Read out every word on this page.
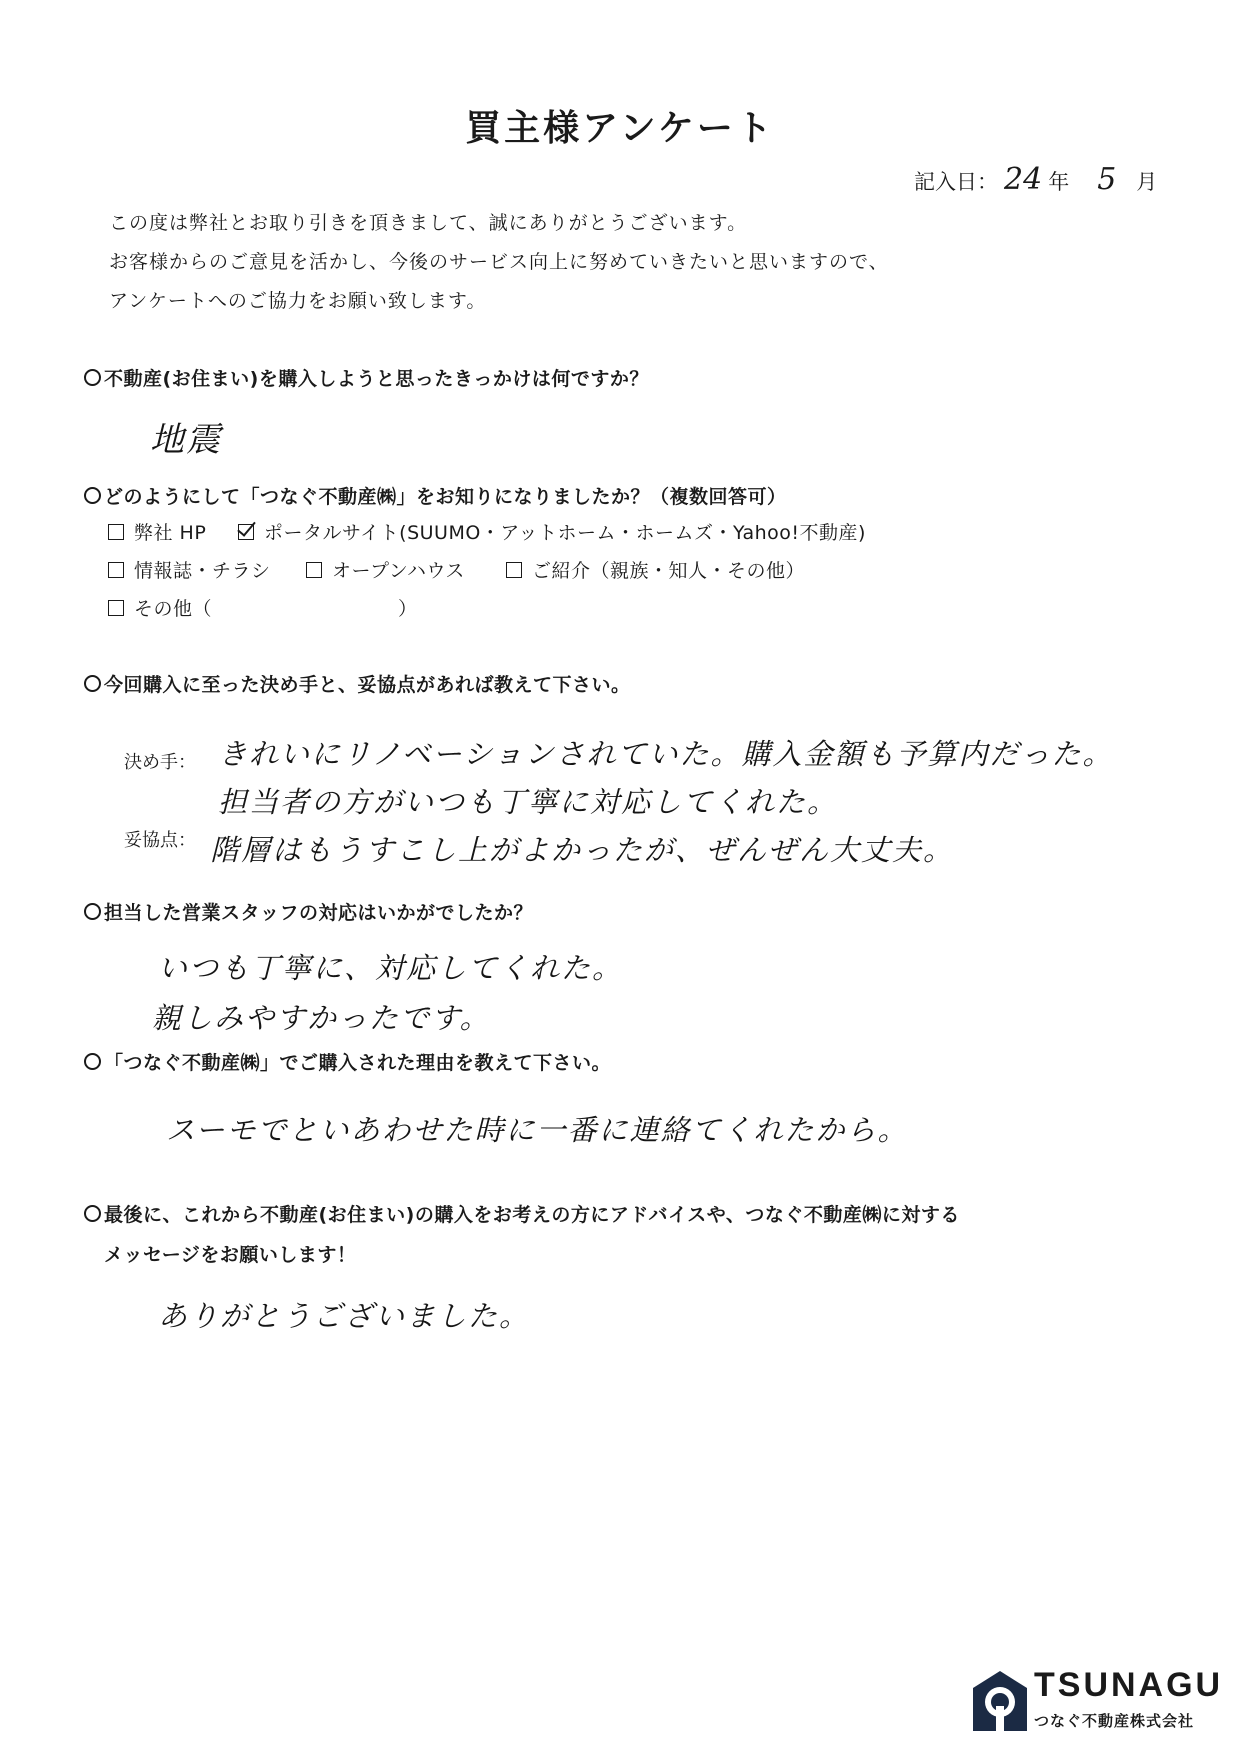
買主様アンケート
記入日： 24 年 5 月
この度は弊社とお取り引きを頂きまして、誠にありがとうございます。
お客様からのご意見を活かし、今後のサービス向上に努めていきたいと思いますので、
アンケートへのご協力をお願い致します。
不動産(お住まい)を購入しようと思ったきっかけは何ですか？
地震
どのようにして「つなぐ不動産㈱」をお知りになりましたか？（複数回答可）
弊社 HP	ポータルサイト(SUUMO・アットホーム・ホームズ・Yahoo!不動産)
情報誌・チラシ	オープンハウス	ご紹介（親族・知人・その他）
その他（	）
今回購入に至った決め手と、妥協点があれば教えて下さい。
決め手： きれいにリノベーションされていた。購入金額も予算内だった。
担当者の方がいつも丁寧に対応してくれた。
妥協点： 階層はもうすこし上がよかったが、ぜんぜん大丈夫。
担当した営業スタッフの対応はいかがでしたか？
いつも丁寧に、対応してくれた。
親しみやすかったです。
「つなぐ不動産㈱」でご購入された理由を教えて下さい。
スーモでといあわせた時に一番に連絡てくれたから。
最後に、これから不動産(お住まい)の購入をお考えの方にアドバイスや、つなぐ不動産㈱に対する
メッセージをお願いします！
ありがとうございました。
TSUNAGU
つなぐ不動産株式会社
